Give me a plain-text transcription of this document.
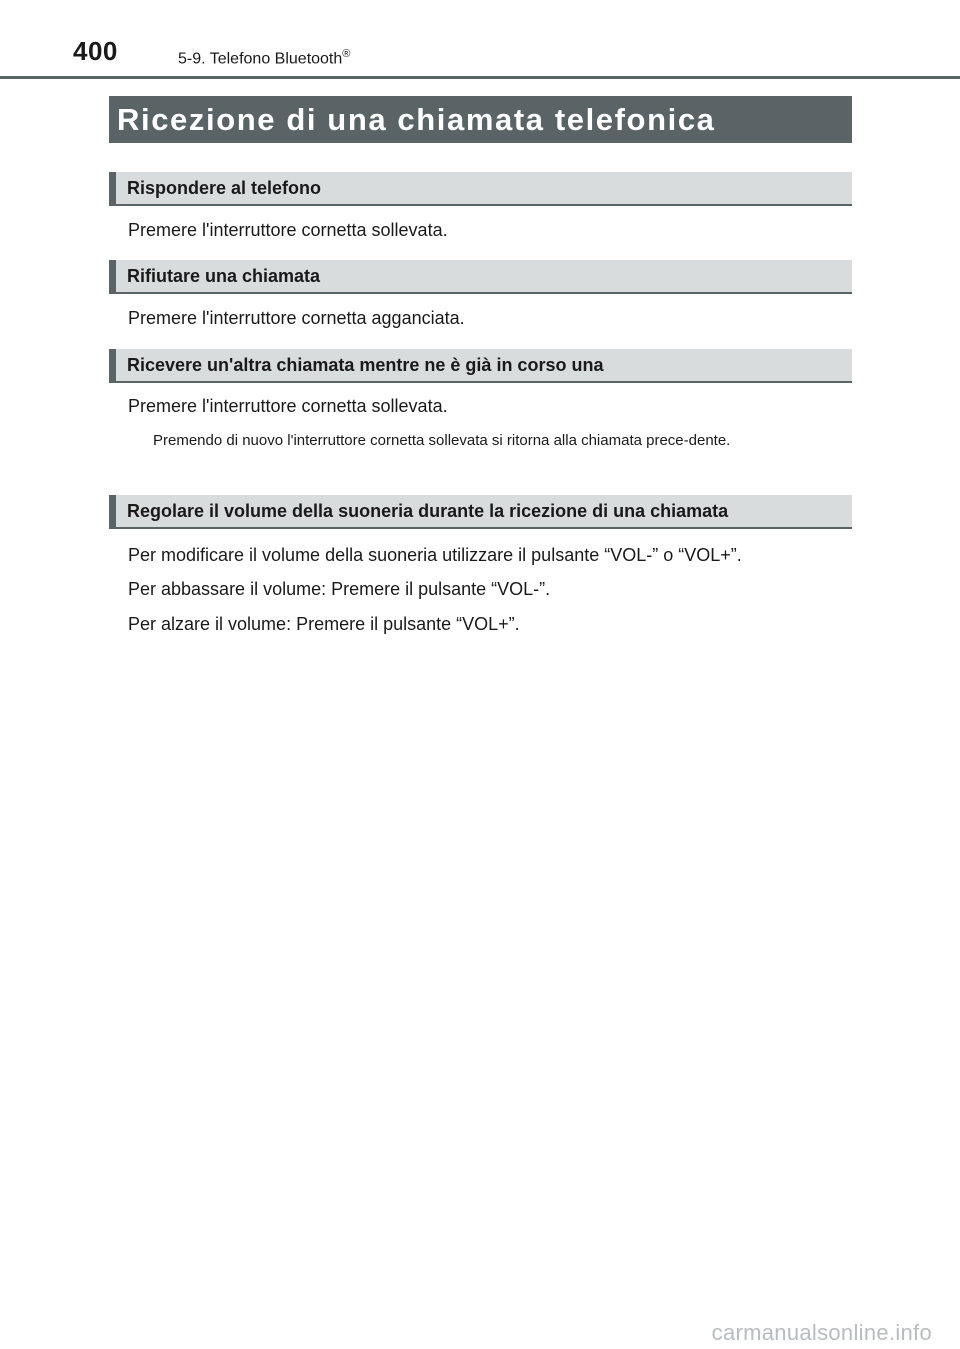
400	5-9. Telefono Bluetooth®
Ricezione di una chiamata telefonica
Rispondere al telefono
Premere l'interruttore cornetta sollevata.
Rifiutare una chiamata
Premere l'interruttore cornetta agganciata.
Ricevere un'altra chiamata mentre ne è già in corso una
Premere l'interruttore cornetta sollevata.
Premendo di nuovo l'interruttore cornetta sollevata si ritorna alla chiamata prece-dente.
Regolare il volume della suoneria durante la ricezione di una chiamata
Per modificare il volume della suoneria utilizzare il pulsante “VOL-” o “VOL+”.
Per abbassare il volume: Premere il pulsante “VOL-”.
Per alzare il volume: Premere il pulsante “VOL+”.
carmanualsonline.info
